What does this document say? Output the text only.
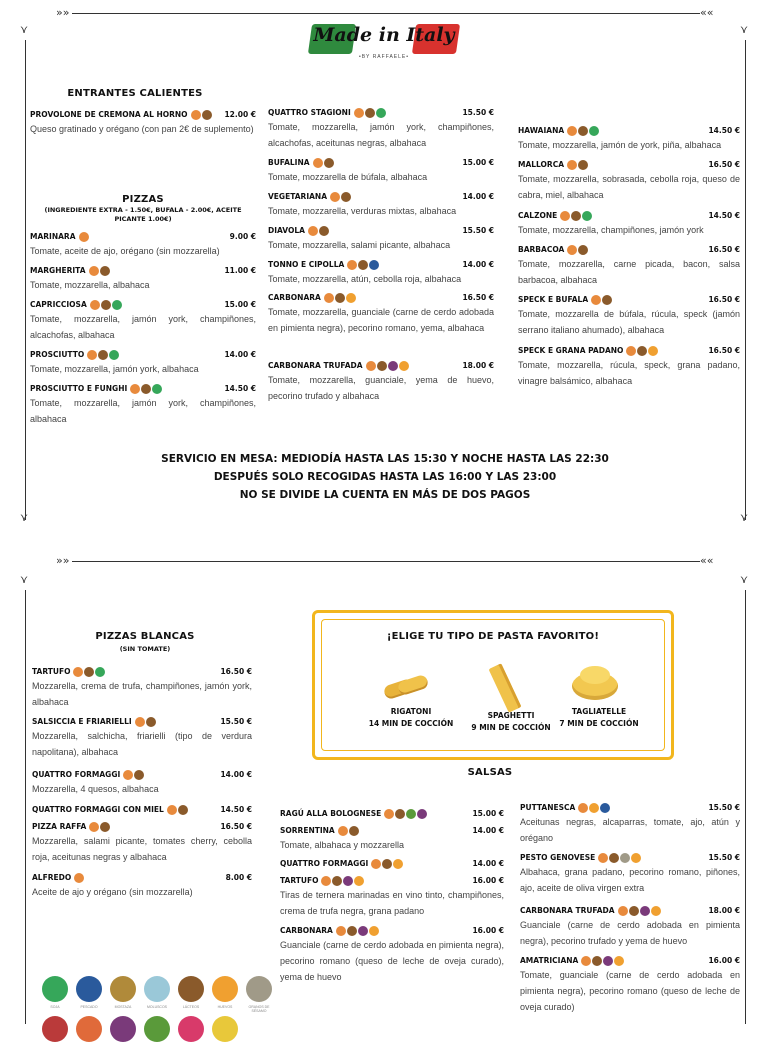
»»	««
⋎
⋎
⋎
⋎
»»	««
⋎	⋎
Made in Italy
•BY RAFFAELE•
ENTRANTES CALIENTES
PROVOLONE DE CREMONA AL HORNO	12.00 €
Queso gratinado y orégano (con pan 2€ de suplemento)
PIZZAS
(INGREDIENTE EXTRA - 1.50€, BUFALA - 2.00€, ACEITE PICANTE 1.00€)
MARINARA	9.00 €
Tomate, aceite de ajo, orégano (sin mozzarella)
MARGHERITA	11.00 €
Tomate, mozzarella, albahaca
CAPRICCIOSA	15.00 €
Tomate, mozzarella, jamón york, champiñones, alcachofas, albahaca
PROSCIUTTO	14.00 €
Tomate, mozzarella, jamón york, albahaca
PROSCIUTTO E FUNGHI	14.50 €
Tomate, mozzarella, jamón york, champiñones, albahaca
QUATTRO STAGIONI	15.50 €
Tomate, mozzarella, jamón york, champiñones, alcachofas, aceitunas negras, albahaca
BUFALINA	15.00 €
Tomate, mozzarella de búfala, albahaca
VEGETARIANA	14.00 €
Tomate, mozzarella, verduras mixtas, albahaca
DIAVOLA	15.50 €
Tomate, mozzarella, salami picante, albahaca
TONNO E CIPOLLA	14.00 €
Tomate, mozzarella, atún, cebolla roja, albahaca
CARBONARA	16.50 €
Tomate, mozzarella, guanciale (carne de cerdo adobada en pimienta negra), pecorino romano, yema, albahaca
CARBONARA TRUFADA	18.00 €
Tomate, mozzarella, guanciale, yema de huevo, pecorino trufado y albahaca
HAWAIANA	14.50 €
Tomate, mozzarella, jamón de york, piña, albahaca
MALLORCA	16.50 €
Tomate, mozzarella, sobrasada, cebolla roja, queso de cabra, miel, albahaca
CALZONE	14.50 €
Tomate, mozzarella, champiñones, jamón york
BARBACOA	16.50 €
Tomate, mozzarella, carne picada, bacon, salsa barbacoa, albahaca
SPECK E BUFALA	16.50 €
Tomate, mozzarella de búfala, rúcula, speck (jamón serrano italiano ahumado), albahaca
SPECK E GRANA PADANO	16.50 €
Tomate, mozzarella, rúcula, speck, grana padano, vinagre balsámico, albahaca
SERVICIO EN MESA: MEDIODÍA HASTA LAS 15:30 Y NOCHE HASTA LAS 22:30
DESPUÉS SOLO RECOGIDAS HASTA LAS 16:00 Y LAS 23:00
NO SE DIVIDE LA CUENTA EN MÁS DE DOS PAGOS
PIZZAS BLANCAS
(SIN TOMATE)
TARTUFO	16.50 €
Mozzarella, crema de trufa, champiñones, jamón york, albahaca
SALSICCIA E FRIARIELLI	15.50 €
Mozzarella, salchicha, friarielli (tipo de verdura napolitana), albahaca
QUATTRO FORMAGGI	14.00 €
Mozzarella, 4 quesos, albahaca
QUATTRO FORMAGGI CON MIEL	14.50 €
PIZZA RAFFA	16.50 €
Mozzarella, salami picante, tomates cherry, cebolla roja, aceitunas negras y albahaca
ALFREDO	8.00 €
Aceite de ajo y orégano (sin mozzarella)
SOJA	PESCADO	MOSTAZA	MOLUSCOS	LÁCTEOS	HUEVOS	GRANOS DE SÉSAMO
¡ELIGE TU TIPO DE PASTA FAVORITO!
RIGATONI
14 MIN DE COCCIÓN
SPAGHETTI
9 MIN DE COCCIÓN
TAGLIATELLE
7 MIN DE COCCIÓN
SALSAS
RAGÚ ALLA BOLOGNESE	15.00 €
SORRENTINA	14.00 €
Tomate, albahaca y mozzarella
QUATTRO FORMAGGI	14.00 €
TARTUFO	16.00 €
Tiras de ternera marinadas en vino tinto, champiñones, crema de trufa negra, grana padano
CARBONARA	16.00 €
Guanciale (carne de cerdo adobada en pimienta negra), pecorino romano (queso de leche de oveja curado), yema de huevo
PUTTANESCA	15.50 €
Aceitunas negras, alcaparras, tomate, ajo, atún y orégano
PESTO GENOVESE	15.50 €
Albahaca, grana padano, pecorino romano, piñones, ajo, aceite de oliva virgen extra
CARBONARA TRUFADA	18.00 €
Guanciale (carne de cerdo adobada en pimienta negra), pecorino trufado y yema de huevo
AMATRICIANA	16.00 €
Tomate, guanciale (carne de cerdo adobada en pimienta negra), pecorino romano (queso de leche de oveja curado)
